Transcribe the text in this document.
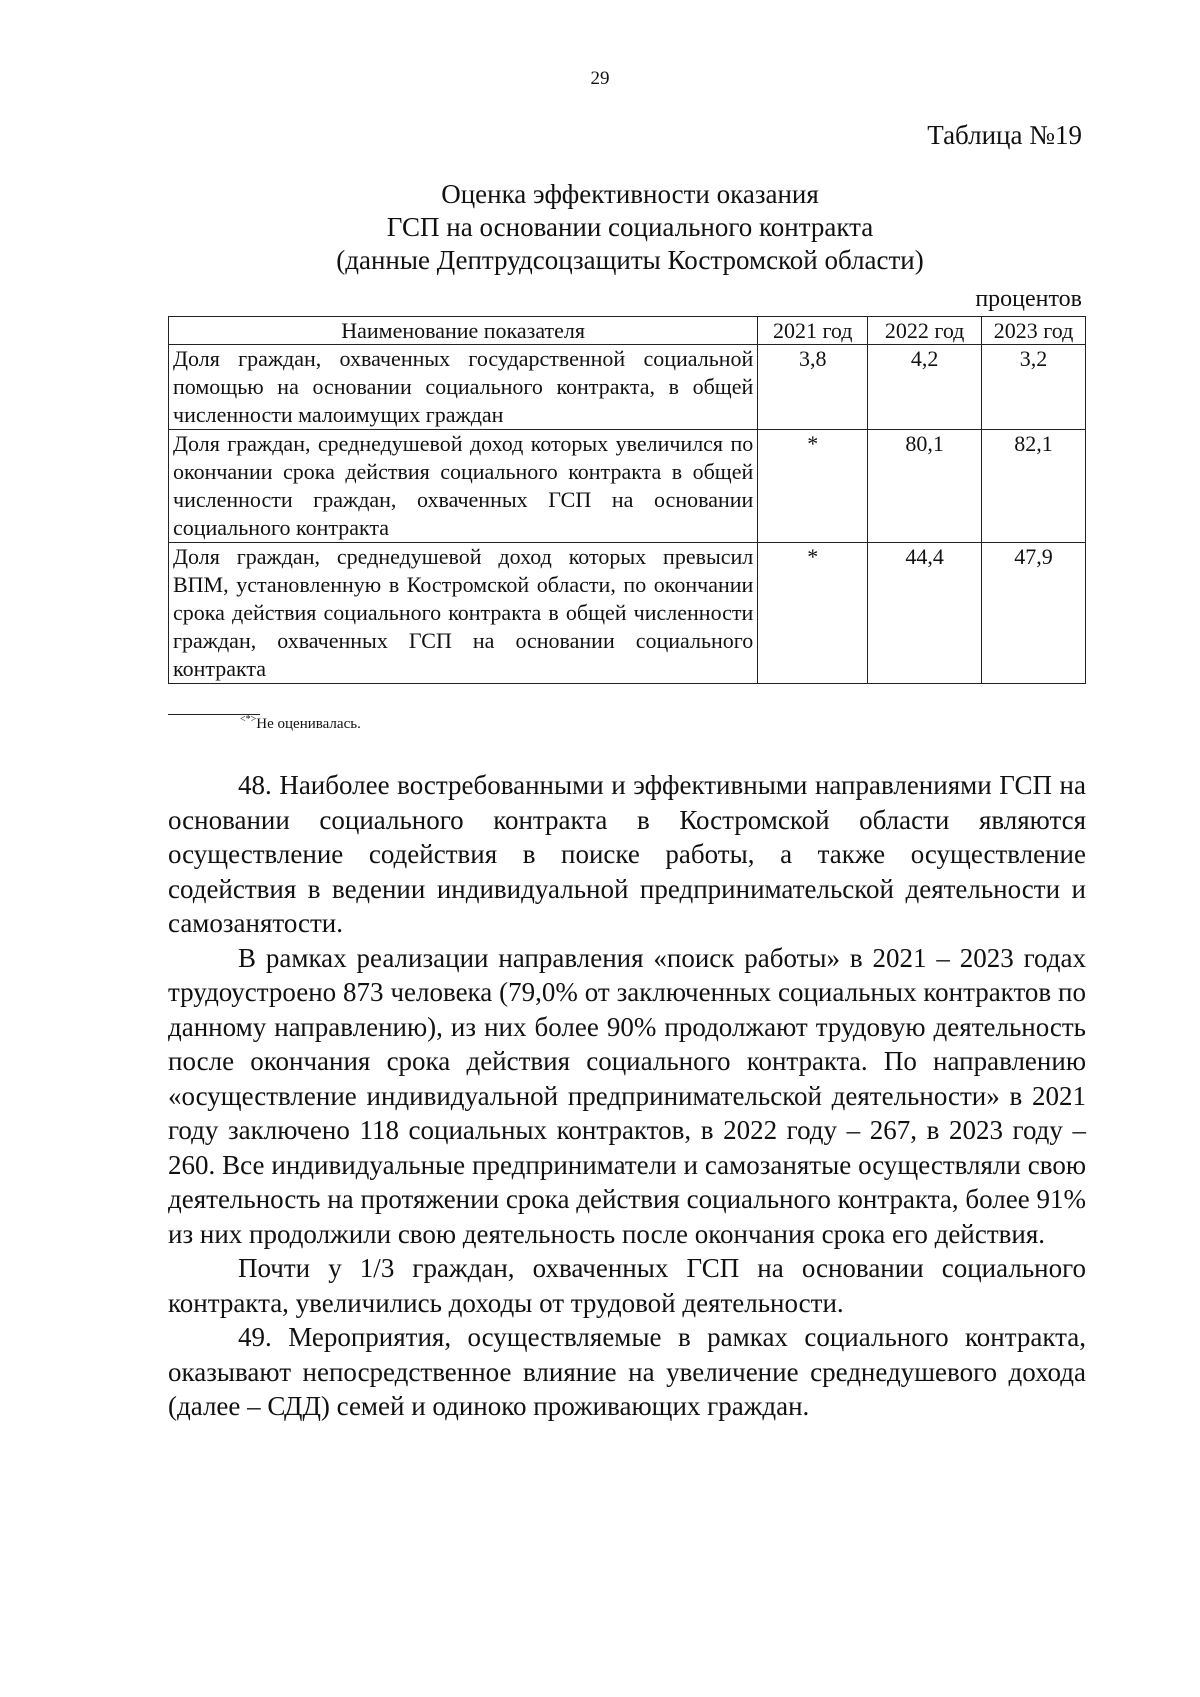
29
Таблица №19
Оценка эффективности оказания
ГСП на основании социального контракта
(данные Дептрудсоцзащиты Костромской области)
процентов
Наименование показателя	2021 год	2022 год	2023 год
Доля граждан, охваченных государственной социальной помощью на основании социального контракта, в общей численности малоимущих граждан	3,8	4,2	3,2
Доля граждан, среднедушевой доход которых увеличился по окончании срока действия социального контракта в общей численности граждан, охваченных ГСП на основании социального контракта	*	80,1	82,1
Доля граждан, среднедушевой доход которых превысил ВПМ, установленную в Костромской области, по окончании срока действия социального контракта в общей численности граждан, охваченных ГСП на основании социального контракта	*	44,4	47,9
<*>Не оценивалась.

48. Наиболее востребованными и эффективными направлениями ГСП на основании социального контракта в Костромской области являются осуществление содействия в поиске работы, а также осуществление содействия в ведении индивидуальной предпринимательской деятельности и самозанятости.

В рамках реализации направления «поиск работы» в 2021 – 2023 годах трудоустроено 873 человека (79,0% от заключенных социальных контрактов по данному направлению), из них более 90% продолжают трудовую деятельность после окончания срока действия социального контракта. По направлению «осуществление индивидуальной предпринимательской деятельности» в 2021 году заключено 118 социальных контрактов, в 2022 году – 267, в 2023 году – 260. Все индивидуальные предприниматели и самозанятые осуществляли свою деятельность на протяжении срока действия социального контракта, более 91% из них продолжили свою деятельность после окончания срока его действия.

Почти у 1/3 граждан, охваченных ГСП на основании социального контракта, увеличились доходы от трудовой деятельности.

49. Мероприятия, осуществляемые в рамках социального контракта, оказывают непосредственное влияние на увеличение среднедушевого дохода (далее – СДД) семей и одиноко проживающих граждан.
